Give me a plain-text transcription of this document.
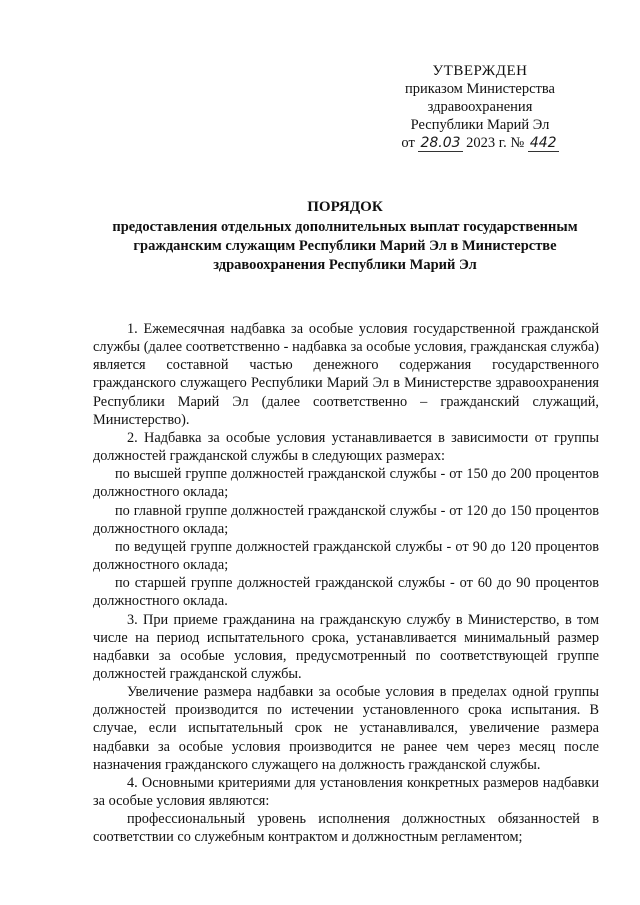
УТВЕРЖДЕН
приказом Министерства
здравоохранения
Республики Марий Эл
от 28.03 2023 г. № 442
ПОРЯДОК
предоставления отдельных дополнительных выплат государственным
гражданским служащим Республики Марий Эл в Министерстве
здравоохранения Республики Марий Эл

1. Ежемесячная надбавка за особые условия государственной гражданской службы (далее соответственно - надбавка за особые условия, гражданская служба) является составной частью денежного содержания государственного гражданского служащего Республики Марий Эл в Министерстве здравоохранения Республики Марий Эл (далее соответственно – гражданский служащий, Министерство).

2. Надбавка за особые условия устанавливается в зависимости от группы должностей гражданской службы в следующих размерах:

по высшей группе должностей гражданской службы - от 150 до 200 процентов должностного оклада;

по главной группе должностей гражданской службы - от 120 до 150 процентов должностного оклада;

по ведущей группе должностей гражданской службы - от 90 до 120 процентов должностного оклада;

по старшей группе должностей гражданской службы - от 60 до 90 процентов должностного оклада.

3. При приеме гражданина на гражданскую службу в Министерство, в том числе на период испытательного срока, устанавливается минимальный размер надбавки за особые условия, предусмотренный по соответствующей группе должностей гражданской службы.

Увеличение размера надбавки за особые условия в пределах одной группы должностей производится по истечении установленного срока испытания. В случае, если испытательный срок не устанавливался, увеличение размера надбавки за особые условия производится не ранее чем через месяц после назначения гражданского служащего на должность гражданской службы.

4. Основными критериями для установления конкретных размеров надбавки за особые условия являются:

профессиональный уровень исполнения должностных обязанностей в соответствии со служебным контрактом и должностным регламентом;
